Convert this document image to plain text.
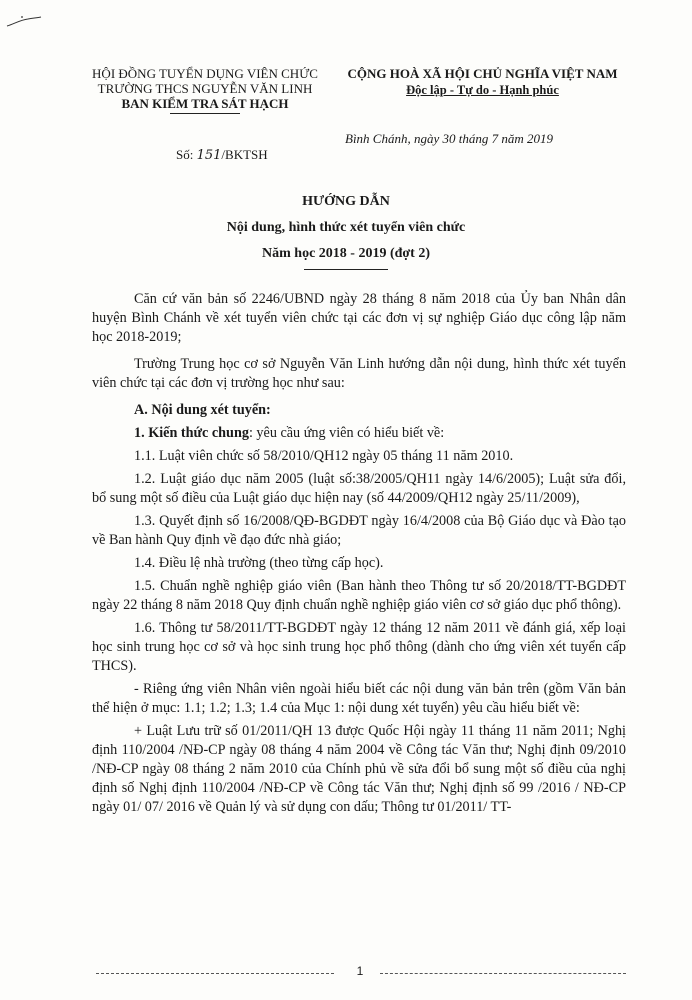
HỘI ĐỒNG TUYỂN DỤNG VIÊN CHỨC
TRƯỜNG THCS NGUYỄN VĂN LINH
BAN KIỂM TRA SÁT HẠCH
CỘNG HOÀ XÃ HỘI CHỦ NGHĨA VIỆT NAM
Độc lập - Tự do - Hạnh phúc
Bình Chánh, ngày 30 tháng 7 năm 2019
Số: 151/BKTSH
HƯỚNG DẪN
Nội dung, hình thức xét tuyển viên chức
Năm học 2018 - 2019 (đợt 2)

Căn cứ văn bản số 2246/UBND ngày 28 tháng 8 năm 2018 của Ủy ban Nhân dân huyện Bình Chánh về xét tuyển viên chức tại các đơn vị sự nghiệp Giáo dục công lập năm học 2018-2019;

Trường Trung học cơ sở Nguyễn Văn Linh hướng dẫn nội dung, hình thức xét tuyển viên chức tại các đơn vị trường học như sau:

A. Nội dung xét tuyển:

1. Kiến thức chung: yêu cầu ứng viên có hiểu biết về:

1.1. Luật viên chức số 58/2010/QH12 ngày 05 tháng 11 năm 2010.

1.2. Luật giáo dục năm 2005 (luật số:38/2005/QH11 ngày 14/6/2005); Luật sửa đổi, bổ sung một số điều của Luật giáo dục hiện nay (số 44/2009/QH12 ngày 25/11/2009),

1.3. Quyết định số 16/2008/QĐ-BGDĐT ngày 16/4/2008 của Bộ Giáo dục và Đào tạo về Ban hành Quy định về đạo đức nhà giáo;

1.4. Điều lệ nhà trường (theo từng cấp học).

1.5. Chuẩn nghề nghiệp giáo viên (Ban hành theo Thông tư số 20/2018/TT-BGDĐT ngày 22 tháng 8 năm 2018 Quy định chuẩn nghề nghiệp giáo viên cơ sở giáo dục phổ thông).

1.6. Thông tư 58/2011/TT-BGDĐT ngày 12 tháng 12 năm 2011 về đánh giá, xếp loại học sinh trung học cơ sở và học sinh trung học phổ thông (dành cho ứng viên xét tuyển cấp THCS).

- Riêng ứng viên Nhân viên ngoài hiểu biết các nội dung văn bản trên (gồm Văn bản thể hiện ở mục: 1.1; 1.2; 1.3; 1.4 của Mục 1: nội dung xét tuyển) yêu cầu hiểu biết về:

+ Luật Lưu trữ số 01/2011/QH 13 được Quốc Hội ngày 11 tháng 11 năm 2011; Nghị định 110/2004 /NĐ-CP ngày 08 tháng 4 năm 2004 về Công tác Văn thư; Nghị định 09/2010 /NĐ-CP ngày 08 tháng 2 năm 2010 của Chính phủ về sửa đổi bổ sung một số điều của nghị định số Nghị định 110/2004 /NĐ-CP về Công tác Văn thư; Nghị định số 99 /2016 / NĐ-CP ngày 01/ 07/ 2016 về Quản lý và sử dụng con dấu; Thông tư 01/2011/ TT-

1
